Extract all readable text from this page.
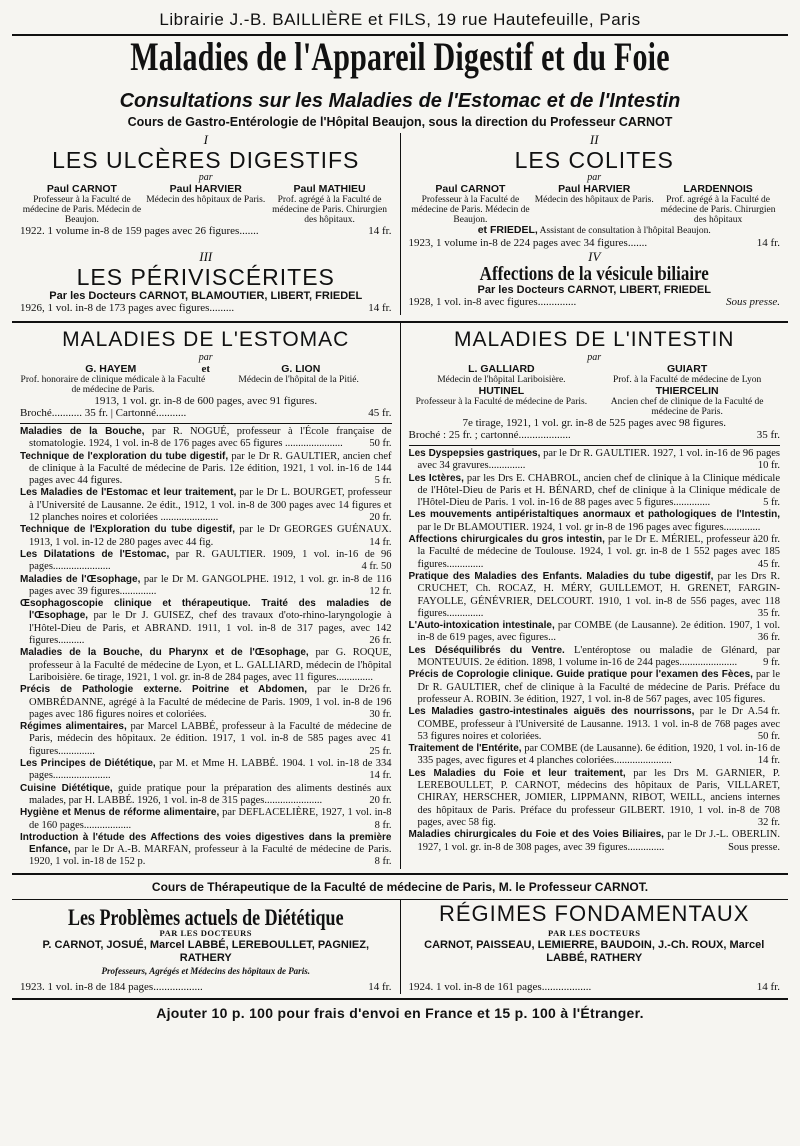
Librairie J.-B. BAILLIÈRE et FILS, 19 rue Hautefeuille, Paris
Maladies de l'Appareil Digestif et du Foie
Consultations sur les Maladies de l'Estomac et de l'Intestin
Cours de Gastro-Entérologie de l'Hôpital Beaujon, sous la direction du Professeur CARNOT
I
LES ULCÈRES DIGESTIFS
par
Paul CARNOT
Professeur à la Faculté de médecine de Paris. Médecin de Beaujon.
Paul HARVIER
Médecin des hôpitaux de Paris.
Paul MATHIEU
Prof. agrégé à la Faculté de médecine de Paris. Chirurgien des hôpitaux.
1922. 1 volume in-8 de 159 pages avec 26 figures.......	14 fr.
II
LES COLITES
par
Paul CARNOT
Professeur à la Faculté de médecine de Paris. Médecin de Beaujon.
Paul HARVIER
Médecin des hôpitaux de Paris.
LARDENNOIS
Prof. agrégé à la Faculté de médecine de Paris. Chirurgien des hôpitaux
et FRIEDEL, Assistant de consultation à l'hôpital Beaujon.
1923, 1 volume in-8 de 224 pages avec 34 figures.......	14 fr.
III
LES PÉRIVISCÉRITES
Par les Docteurs CARNOT, BLAMOUTIER, LIBERT, FRIEDEL
1926, 1 vol. in-8 de 173 pages avec figures.........	14 fr.
IV
Affections de la vésicule biliaire
Par les Docteurs CARNOT, LIBERT, FRIEDEL
1928, 1 vol. in-8 avec figures..............	Sous presse.
MALADIES DE L'ESTOMAC
par
G. HAYEM	et	G. LION
Prof. honoraire de clinique médicale à la Faculté de médecine de Paris.
Médecin de l'hôpital de la Pitié.
1913, 1 vol. gr. in-8 de 600 pages, avec 91 figures.
Broché........... 35 fr. | Cartonné...........	45 fr.
Maladies de la Bouche, par R. NOGUÉ, professeur à l'École française de stomatologie. 1924, 1 vol. in-8 de 176 pages avec 65 figures ......................	50 fr.
Technique de l'exploration du tube digestif, par le Dr R. GAULTIER, ancien chef de clinique à la Faculté de médecine de Paris. 12e édition, 1921, 1 vol. in-16 de 144 pages avec 44 figures.	5 fr.
Les Maladies de l'Estomac et leur traitement, par le Dr L. BOURGET, professeur à l'Université de Lausanne. 2e édit., 1912, 1 vol. in-8 de 300 pages avec 14 figures et 12 planches noires et coloriées ......................	20 fr.
Technique de l'Exploration du tube digestif, par le Dr GEORGES GUÉNAUX. 1913, 1 vol. in-12 de 280 pages avec 44 fig.	14 fr.
Les Dilatations de l'Estomac, par R. GAULTIER. 1909, 1 vol. in-16 de 96 pages......................	4 fr. 50
Maladies de l'Œsophage, par le Dr M. GANGOLPHE. 1912, 1 vol. gr. in-8 de 116 pages avec 39 figures..............	12 fr.
Œsophagoscopie clinique et thérapeutique. Traité des maladies de l'Œsophage, par le Dr J. GUISEZ, chef des travaux d'oto-rhino-laryngologie à l'Hôtel-Dieu de Paris, et ABRAND. 1911, 1 vol. in-8 de 317 pages, avec 142 figures..........	26 fr.
Maladies de la Bouche, du Pharynx et de l'Œsophage, par G. ROQUE, professeur à la Faculté de médecine de Lyon, et L. GALLIARD, médecin de l'hôpital Lariboisière. 6e tirage, 1921, 1 vol. gr. in-8 de 284 pages, avec 11 figures..............
26 fr.
Précis de Pathologie externe. Poitrine et Abdomen, par le Dr OMBRÉDANNE, agrégé à la Faculté de médecine de Paris. 1909, 1 vol. in-8 de 196 pages avec 186 figures noires et coloriées.	30 fr.
Régimes alimentaires, par Marcel LABBÉ, professeur à la Faculté de médecine de Paris, médecin des hôpitaux. 2e édition. 1917, 1 vol. in-8 de 585 pages avec 41 figures..............	25 fr.
Les Principes de Diététique, par M. et Mme H. LABBÉ. 1904. 1 vol. in-18 de 334 pages......................	14 fr.
Cuisine Diététique, guide pratique pour la préparation des aliments destinés aux malades, par H. LABBÉ. 1926, 1 vol. in-8 de 315 pages......................	20 fr.
Hygiène et Menus de réforme alimentaire, par DEFLACELIÈRE, 1927, 1 vol. in-8 de 160 pages..................	8 fr.
Introduction à l'étude des Affections des voies digestives dans la première Enfance, par le Dr A.-B. MARFAN, professeur à la Faculté de médecine de Paris. 1920, 1 vol. in-18 de 152 p.	8 fr.
MALADIES DE L'INTESTIN
par
L. GALLIARD
Médecin de l'hôpital Lariboisière.
GUIART
Prof. à la Faculté de médecine de Lyon
HUTINEL
Professeur à la Faculté de médecine de Paris.
THIERCELIN
Ancien chef de clinique de la Faculté de médecine de Paris.
7e tirage, 1921, 1 vol. gr. in-8 de 525 pages avec 98 figures.
Broché : 25 fr. ; cartonné...................	35 fr.
Les Dyspepsies gastriques, par le Dr R. GAULTIER. 1927, 1 vol. in-16 de 96 pages avec 34 gravures..............	10 fr.
Les Ictères, par les Drs E. CHABROL, ancien chef de clinique à la Clinique médicale de l'Hôtel-Dieu de Paris et H. BÉNARD, chef de clinique à la Clinique médicale de l'Hôtel-Dieu de Paris. 1 vol. in-16 de 88 pages avec 5 figures..............	5 fr.
Les mouvements antipéristaltiques anormaux et pathologiques de l'Intestin, par le Dr BLAMOUTIER. 1924, 1 vol. gr in-8 de 196 pages avec figures..............
20 fr.
Affections chirurgicales du gros intestin, par le Dr E. MÉRIEL, professeur à la Faculté de médecine de Toulouse. 1924, 1 vol. gr. in-8 de 1 552 pages avec 185 figures..............	45 fr.
Pratique des Maladies des Enfants. Maladies du tube digestif, par les Drs R. CRUCHET, Ch. ROCAZ, H. MÉRY, GUILLEMOT, H. GRENET, FARGIN-FAYOLLE, GÉNÉVRIER, DELCOURT. 1910, 1 vol. in-8 de 556 pages, avec 118 figures..............	35 fr.
L'Auto-intoxication intestinale, par COMBE (de Lausanne). 2e édition. 1907, 1 vol. in-8 de 619 pages, avec figures...	36 fr.
Les Déséquilibrés du Ventre. L'entéroptose ou maladie de Glénard, par MONTEUUIS. 2e édition. 1898, 1 volume in-16 de 244 pages...................... 9 fr.
Précis de Coprologie clinique. Guide pratique pour l'examen des Fèces, par le Dr R. GAULTIER, chef de clinique à la Faculté de médecine de Paris. Préface du professeur A. ROBIN. 3e édition, 1927, 1 vol. in-8 de 567 pages, avec 105 figures.
54 fr.
Les Maladies gastro-intestinales aiguës des nourrissons, par le Dr A. COMBE, professeur à l'Université de Lausanne. 1913. 1 vol. in-8 de 768 pages avec 53 figures noires et coloriées.	50 fr.
Traitement de l'Entérite, par COMBE (de Lausanne). 6e édition, 1920, 1 vol. in-16 de 335 pages, avec figures et 4 planches coloriées......................	14 fr.
Les Maladies du Foie et leur traitement, par les Drs M. GARNIER, P. LEREBOULLET, P. CARNOT, médecins des hôpitaux de Paris, VILLARET, CHIRAY, HERSCHER, JOMIER, LIPPMANN, RIBOT, WEILL, anciens internes des hôpitaux de Paris. Préface du professeur GILBERT. 1910, 1 vol. in-8 de 708 pages, avec 58 fig.	32 fr.
Maladies chirurgicales du Foie et des Voies Biliaires, par le Dr J.-L. OBERLIN. 1927, 1 vol. gr. in-8 de 308 pages, avec 39 figures..............	Sous presse.
Cours de Thérapeutique de la Faculté de médecine de Paris, M. le Professeur CARNOT.
Les Problèmes actuels de Diététique
PAR LES DOCTEURS
P. CARNOT, JOSUÉ, Marcel LABBÉ, LEREBOULLET, PAGNIEZ, RATHERY
Professeurs, Agrégés et Médecins des hôpitaux de Paris.
1923. 1 vol. in-8 de 184 pages..................	14 fr.
RÉGIMES FONDAMENTAUX
PAR LES DOCTEURS
CARNOT, PAISSEAU, LEMIERRE, BAUDOIN, J.-Ch. ROUX, Marcel LABBÉ, RATHERY
1924. 1 vol. in-8 de 161 pages..................	14 fr.
Ajouter 10 p. 100 pour frais d'envoi en France et 15 p. 100 à l'Étranger.
